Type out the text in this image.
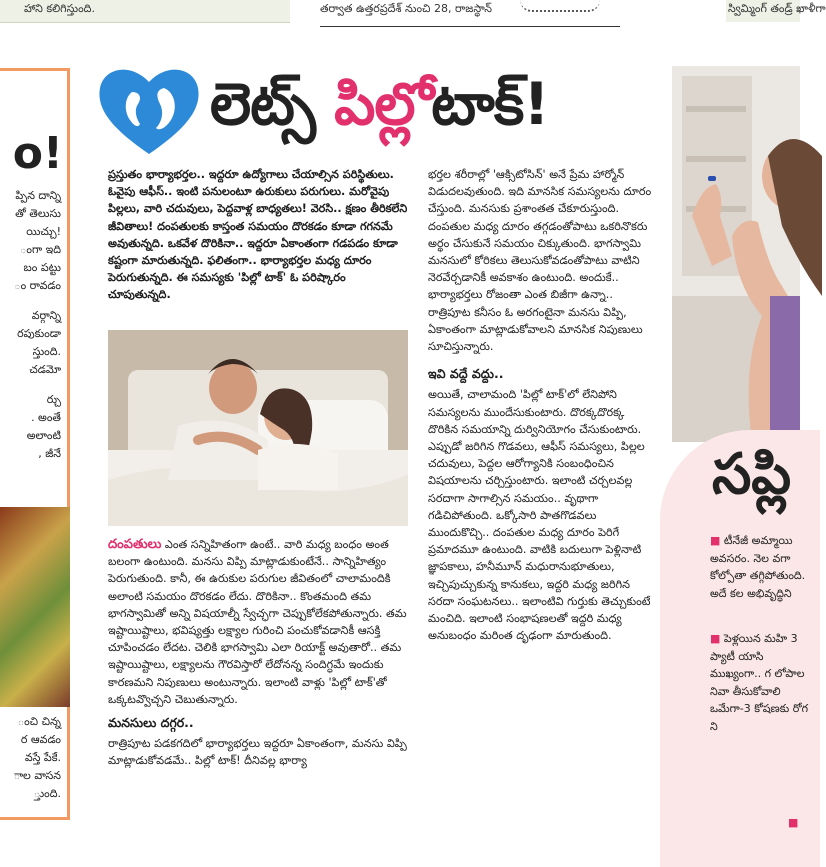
హాని కలిగిస్తుంది.	తర్వాత ఉత్తరప్రదేశ్ నుంచి 28, రాజస్థాన్	స్విమ్మింగ్ తండ్ర్ ఖాళీగా
o!
ప్పిన దాన్ని
తో తెలుసు
యిచ్చు!
ంగా ఇది
బం పట్టు
ం రావడం
వర్గాన్ని
రపుకుండా
స్తుంది.
చడమో
ర్చు
. అంతే
అలాంటి
, జీనే
ంచి చిన్న
ర ఆవడం
వస్తే పేకే.
ాల వాసన
్తుంది.
లెట్స్ పిల్లోటాక్!

ప్రస్తుతం భార్యాభర్తల.. ఇద్దరూ ఉద్యోగాలు చేయాల్సిన పరిస్థితులు. ఓవైపు ఆఫీస్.. ఇంటి పనులంటూ ఉరుకులు పరుగులు. మరోవైపు పిల్లలు, వారి చదువులు, పెద్దవాళ్ల బాధ్యతలు! వెరసి.. క్షణం తీరికలేని జీవితాలు! దంపతులకు కాస్తంత సమయం దొరకడం కూడా గగనమే అవుతున్నది. ఒకవేళ దొరికినా.. ఇద్దరూ ఏకాంతంగా గడపడం కూడా కష్టంగా మారుతున్నది. ఫలితంగా.. భార్యాభర్తల మధ్య దూరం పెరుగుతున్నది. ఈ సమస్యకు 'పిల్లో టాక్' ఓ పరిష్కారం చూపుతున్నది.

దంపతులు ఎంత సన్నిహితంగా ఉంటే.. వారి మధ్య బంధం అంత బలంగా ఉంటుంది. మనసు విప్పి మాట్లాడుకుంటేనే.. సాన్నిహిత్యం పెరుగుతుంది. కానీ, ఈ ఉరుకుల పరుగుల జీవితంలో చాలామందికి అలాంటి సమయం దొరకడం లేదు. దొరికినా.. కొంతమంది తమ భాగస్వామితో అన్ని విషయాల్నీ స్వేచ్ఛగా చెప్పుకోలేకపోతున్నారు. తమ ఇష్టాయిష్టాలు, భవిష్యత్తు లక్ష్యాల గురించి పంచుకోవడానికీ ఆసక్తి చూపించడం లేదట. చెలికి భాగస్వామి ఎలా రియాక్ట్ అవుతారో.. తమ ఇష్టాయిష్టాలు, లక్ష్యాలను గౌరవిస్తారో లేదోనన్న సందిగ్ధమే ఇందుకు కారణమని నిపుణులు అంటున్నారు. ఇలాంటి వాళ్లు 'పిల్లో టాక్'తో ఒక్కటవ్వొచ్చని చెబుతున్నారు.

మనసులు దగ్గర..

రాత్రిపూట పడకగదిలో భార్యాభర్తలు ఇద్దరూ ఏకాంతంగా, మనసు విప్పి మాట్లాడుకోవడమే.. పిల్లో టాక్! దీనివల్ల భార్యా

భర్తల శరీరాల్లో 'ఆక్సిటోసిన్' అనే ప్రేమ హార్మోన్ విడుదలవుతుంది. ఇది మానసిక సమస్యలను దూరం చేస్తుంది. మనసుకు ప్రశాంతత చేకూరుస్తుంది. దంపతుల మధ్య దూరం తగ్గడంతోపాటు ఒకరినొకరు అర్థం చేసుకునే సమయం చిక్కుతుంది. భాగస్వామి మనసులో కోరికలు తెలుసుకోవడంతోపాటు వాటిని నెరవేర్చడానికీ అవకాశం ఉంటుంది. అందుకే.. భార్యాభర్తలు రోజంతా ఎంత బిజీగా ఉన్నా.. రాత్రిపూట కనీసం ఓ అరగంటైనా మనసు విప్పి, ఏకాంతంగా మాట్లాడుకోవాలని మానసిక నిపుణులు సూచిస్తున్నారు.

ఇవి వద్దే వద్దు..

అయితే, చాలామంది 'పిల్లో టాక్'లో లేనిపోని సమస్యలను ముందేసుకుంటారు. దొరక్కదొరక్క దొరికిన సమయాన్ని దుర్వినియోగం చేసుకుంటారు. ఎప్పుడో జరిగిన గొడవలు, ఆఫీస్ సమస్యలు, పిల్లల చదువులు, పెద్దల ఆరోగ్యానికి సంబంధించిన విషయాలను చర్చిస్తుంటారు. ఇలాంటి చర్చలవల్ల సరదాగా సాగాల్సిన సమయం.. వృథాగా గడిచిపోతుంది. ఒక్కోసారి పాతగొడవలు ముందుకొచ్చి.. దంపతుల మధ్య దూరం పెరిగే ప్రమాదమూ ఉంటుంది. వాటికి బదులుగా పెళ్లినాటి జ్ఞాపకాలు, హనీమూన్ మధురానుభూతులు, ఇచ్చిపుచ్చుకున్న కానుకలు, ఇద్దరి మధ్య జరిగిన సరదా సంఘటనలు.. ఇలాంటివి గుర్తుకు తెచ్చుకుంటే మంచిది. ఇలాంటి సంభాషణలతో ఇద్దరి మధ్య అనుబంధం మరింత దృఢంగా మారుతుంది.

సప్లి
■ టీనేజీ అమ్మాయి అవసరం. నెల వగా కోల్పోతా తగ్గిపోతుంది. అదే కల అభివృద్ధిని
■ పెళ్లయిన మహి 3 ప్యాటీ యాసి ముఖ్యంగా.. గ లోపాల నివా తీసుకోవాలి ఒమేగా-3 కోషణకు రోగ ని
■
